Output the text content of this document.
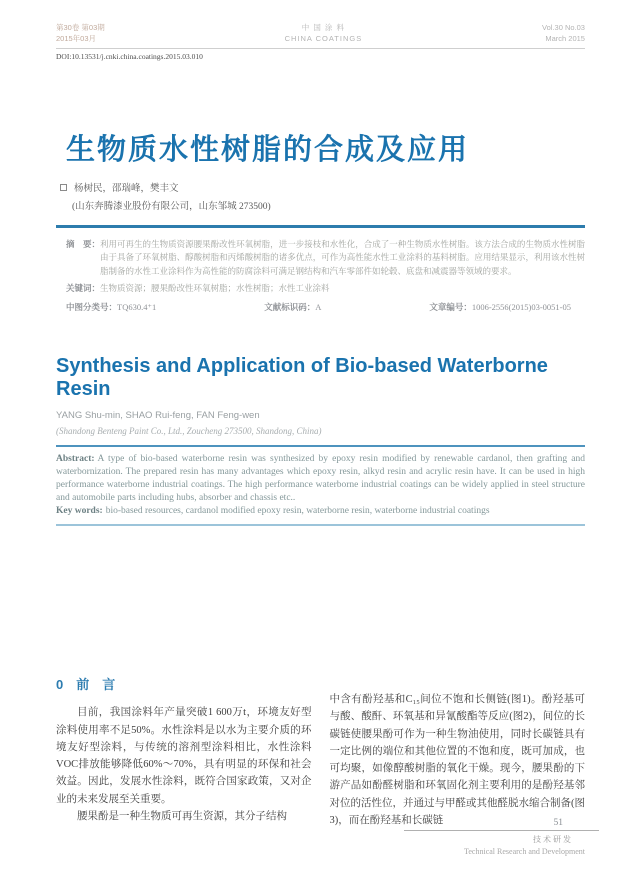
第30卷 第03期
2015年03月
中 国 涂 料
CHINA COATINGS
Vol.30 No.03
March 2015
DOI:10.13531/j.cnki.china.coatings.2015.03.010
生物质水性树脂的合成及应用
杨树民，邵瑞峰，樊丰文
(山东奔腾漆业股份有限公司，山东邹城 273500)
摘　要： 利用可再生的生物质资源腰果酚改性环氧树脂，进一步接枝和水性化，合成了一种生物质水性树脂。该方法合成的生物质水性树脂由于具备了环氧树脂、醇酸树脂和丙烯酸树脂的诸多优点，可作为高性能水性工业涂料的基料树脂。应用结果显示，利用该水性树脂制备的水性工业涂料作为高性能的防腐涂料可满足钢结构和汽车零部件如轮毂、底盘和减震器等领域的要求。
关键词：生物质资源；腰果酚改性环氧树脂；水性树脂；水性工业涂料
中图分类号：TQ630.4⁺1	文献标识码：A	文章编号：1006-2556(2015)03-0051-05
Synthesis and Application of Bio-based Waterborne Resin
YANG Shu-min, SHAO Rui-feng, FAN Feng-wen
(Shandong Benteng Paint Co., Ltd., Zoucheng 273500, Shandong, China)

Abstract: A type of bio-based waterborne resin was synthesized by epoxy resin modified by renewable cardanol, then grafting and waterbornization. The prepared resin has many advantages which epoxy resin, alkyd resin and acrylic resin have. It can be used in high performance waterborne industrial coatings. The high performance waterborne industrial coatings can be widely applied in steel structure and automobile parts including hubs, absorber and chassis etc..

Key words: bio-based resources, cardanol modified epoxy resin, waterborne resin, waterborne industrial coatings

0　前　言

目前，我国涂料年产量突破1 600万t，环境友好型涂料使用率不足50%。水性涂料是以水为主要介质的环境友好型涂料，与传统的溶剂型涂料相比，水性涂料VOC排放能够降低60%～70%，具有明显的环保和社会效益。因此，发展水性涂料，既符合国家政策，又对企业的未来发展至关重要。

腰果酚是一种生物质可再生资源，其分子结构

中含有酚羟基和C₁₅间位不饱和长侧链(图1)。酚羟基可与酸、酸酐、环氧基和异氰酸酯等反应(图2)，间位的长碳链使腰果酚可作为一种生物油使用，同时长碳链具有一定比例的端位和其他位置的不饱和度，既可加成，也可均聚，如像醇酸树脂的氧化干燥。现今，腰果酚的下游产品如酚醛树脂和环氧固化剂主要利用的是酚羟基邻对位的活性位，并通过与甲醛或其他醛脱水缩合制备(图3)，而在酚羟基和长碳链	51
技术研发
Technical Research and Development
